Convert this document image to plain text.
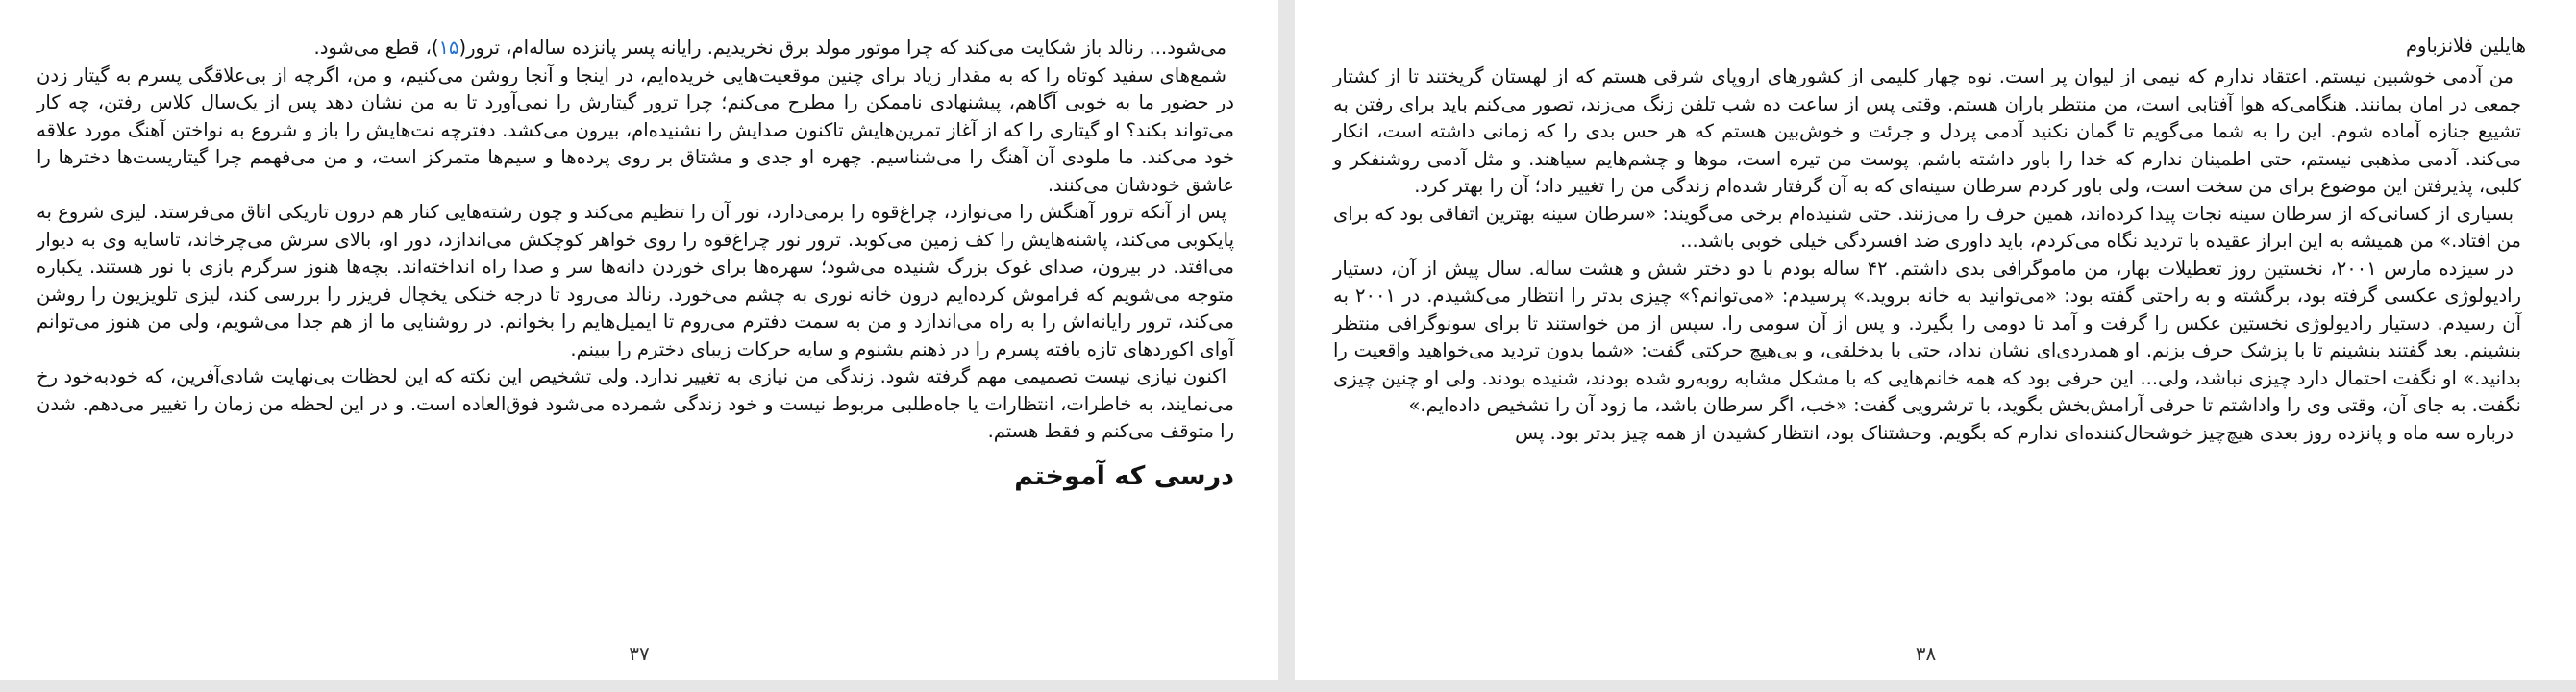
می‌شود... رنالد باز شکایت می‌کند که چرا موتور مولد برق نخریدیم. رایانه پسر پانزده ساله‌ام، ترور(۱۵)، قطع می‌شود.

شمع‌های سفید کوتاه را که به مقدار زیاد برای چنین موقعیت‌هایی خریده‌ایم، در اینجا و آنجا روشن می‌کنیم، و من، اگرچه از بی‌علاقگی پسرم به گیتار زدن در حضور ما به خوبی آگاهم، پیشنهادی ناممکن را مطرح می‌کنم؛ چرا ترور گیتارش را نمی‌آورد تا به من نشان دهد پس از یک‌سال کلاس رفتن، چه کار می‌تواند بکند؟ او گیتاری را که از آغاز تمرین‌هایش تاکنون صدایش را نشنیده‌ام، بیرون می‌کشد. دفترچه نت‌هایش را باز و شروع به نواختن آهنگ مورد علاقه خود می‌کند. ما ملودی آن آهنگ را می‌شناسیم. چهره او جدی و مشتاق بر روی پرده‌ها و سیم‌ها متمرکز است، و من می‌فهمم چرا گیتاریست‌ها دخترها را عاشق خودشان می‌کنند.

پس از آنکه ترور آهنگش را می‌نوازد، چراغ‌قوه را برمی‌دارد، نور آن را تنظیم می‌کند و چون رشته‌هایی کنار هم درون تاریکی اتاق می‌فرستد. لیزی شروع به پایکوبی می‌کند، پاشنه‌هایش را کف زمین می‌کوبد. ترور نور چراغ‌قوه را روی خواهر کوچکش می‌اندازد، دور او، بالای سرش می‌چرخاند، تاسایه وی به دیوار می‌افتد. در بیرون، صدای غوک بزرگ شنیده می‌شود؛ سهره‌ها برای خوردن دانه‌ها سر و صدا راه انداخته‌اند. بچه‌ها هنوز سرگرم بازی با نور هستند. یکباره متوجه می‌شویم که فراموش کرده‌ایم درون خانه نوری به چشم می‌خورد. رنالد می‌رود تا درجه خنکی یخچال فریزر را بررسی کند، لیزی تلویزیون را روشن می‌کند، ترور رایانه‌اش را به راه می‌اندازد و من به سمت دفترم می‌روم تا ایمیل‌هایم را بخوانم. در روشنایی ما از هم جدا می‌شویم، ولی من هنوز می‌توانم آوای اکوردهای تازه یافته پسرم را در ذهنم بشنوم و سایه حرکات زیبای دخترم را ببینم.

اکنون نیازی نیست تصمیمی مهم گرفته شود. زندگی من نیازی به تغییر ندارد. ولی تشخیص این نکته که این لحظات بی‌نهایت شادی‌آفرین، که خودبه‌خود رخ می‌نمایند، به خاطرات، انتظارات یا جاه‌طلبی مربوط نیست و خود زندگی شمرده می‌شود فوق‌العاده است. و در این لحظه من زمان را تغییر می‌دهم. شدن را متوقف می‌کنم و فقط هستم.

درسی که آموختم
۳۷
هایلین فلانزباوم

من آدمی خوشبین نیستم. اعتقاد ندارم که نیمی از لیوان پر است. نوه چهار کلیمی از کشورهای اروپای شرقی هستم که از لهستان گریختند تا از کشتار جمعی در امان بمانند. هنگامی‌که هوا آفتابی است، من منتظر باران هستم. وقتی پس از ساعت ده شب تلفن زنگ می‌زند، تصور می‌کنم باید برای رفتن به تشییع جنازه آماده شوم. این را به شما می‌گویم تا گمان نکنید آدمی پردل و جرئت و خوش‌بین هستم که هر حس بدی را که زمانی داشته است، انکار می‌کند. آدمی مذهبی نیستم، حتی اطمینان ندارم که خدا را باور داشته باشم. پوست من تیره است، موها و چشم‌هایم سیاهند. و مثل آدمی روشنفکر و کلبی، پذیرفتن این موضوع برای من سخت است، ولی باور کردم سرطان سینه‌ای که به آن گرفتار شده‌ام زندگی من را تغییر داد؛ آن را بهتر کرد.

بسیاری از کسانی‌که از سرطان سینه نجات پیدا کرده‌اند، همین حرف را می‌زنند. حتی شنیده‌ام برخی می‌گویند: «سرطان سینه بهترین اتفاقی بود که برای من افتاد.» من همیشه به این ابراز عقیده با تردید نگاه می‌کردم، باید داوری ضد افسردگی خیلی خوبی باشد...

در سیزده مارس ۲۰۰۱، نخستین روز تعطیلات بهار، من ماموگرافی بدی داشتم. ۴۲ ساله بودم با دو دختر شش و هشت ساله. سال پیش از آن، دستیار رادیولوژی عکسی گرفته بود، برگشته و به راحتی گفته بود: «می‌توانید به خانه بروید.» پرسیدم: «می‌توانم؟» چیزی بدتر را انتظار می‌کشیدم. در ۲۰۰۱ به آن رسیدم. دستیار رادیولوژی نخستین عکس را گرفت و آمد تا دومی را بگیرد. و پس از آن سومی را. سپس از من خواستند تا برای سونوگرافی منتظر بنشینم. بعد گفتند بنشینم تا با پزشک حرف بزنم. او همدردی‌ای نشان نداد، حتی با بدخلقی، و بی‌هیچ حرکتی گفت: «شما بدون تردید می‌خواهید واقعیت را بدانید.» او نگفت احتمال دارد چیزی نباشد، ولی... این حرفی بود که همه خانم‌هایی که با مشکل مشابه روبه‌رو شده بودند، شنیده بودند. ولی او چنین چیزی نگفت. به جای آن، وقتی وی را واداشتم تا حرفی آرامش‌بخش بگوید، با ترشرویی گفت: «خب، اگر سرطان باشد، ما زود آن را تشخیص داده‌ایم.»

درباره سه ماه و پانزده روز بعدی هیچ‌چیز خوشحال‌کننده‌ای ندارم که بگویم. وحشتناک بود، انتظار کشیدن از همه چیز بدتر بود. پس

۳۸
